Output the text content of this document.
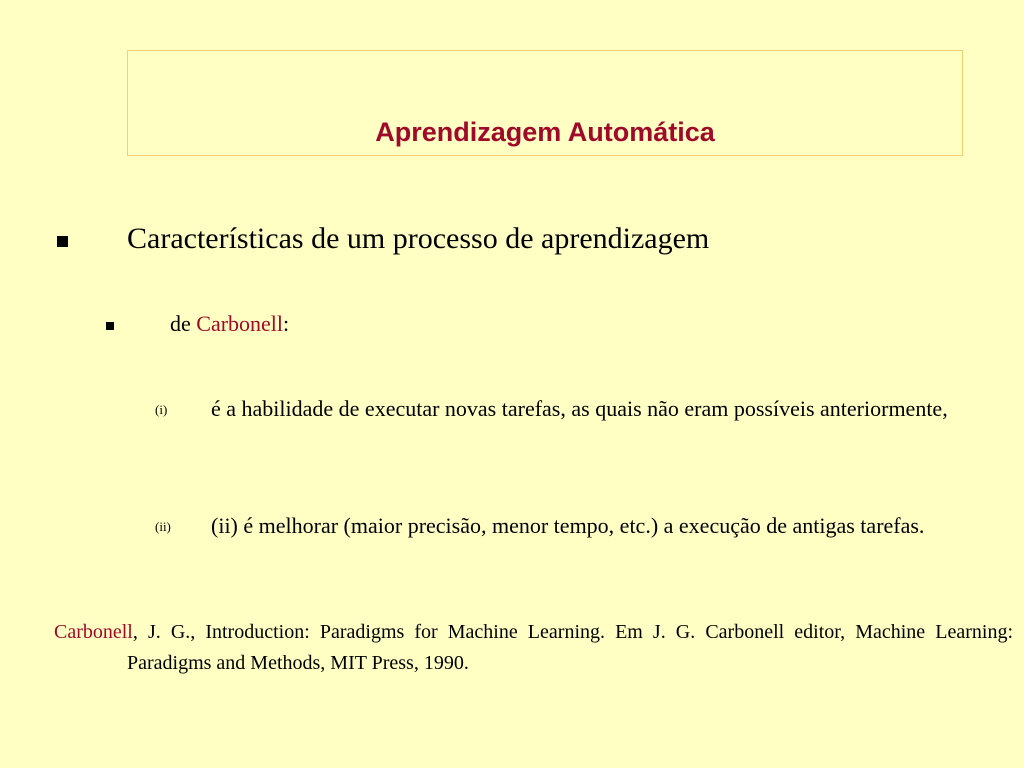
Aprendizagem Automática

Características de um processo de aprendizagem

de Carbonell:

(i) é a habilidade de executar novas tarefas, as quais não eram possíveis anteriormente,

(ii) (ii) é melhorar (maior precisão, menor tempo, etc.) a execução de antigas tarefas.

Carbonell, J. G., Introduction: Paradigms for Machine Learning. Em J. G. Carbonell editor, Machine Learning: Paradigms and Methods, MIT Press, 1990.
